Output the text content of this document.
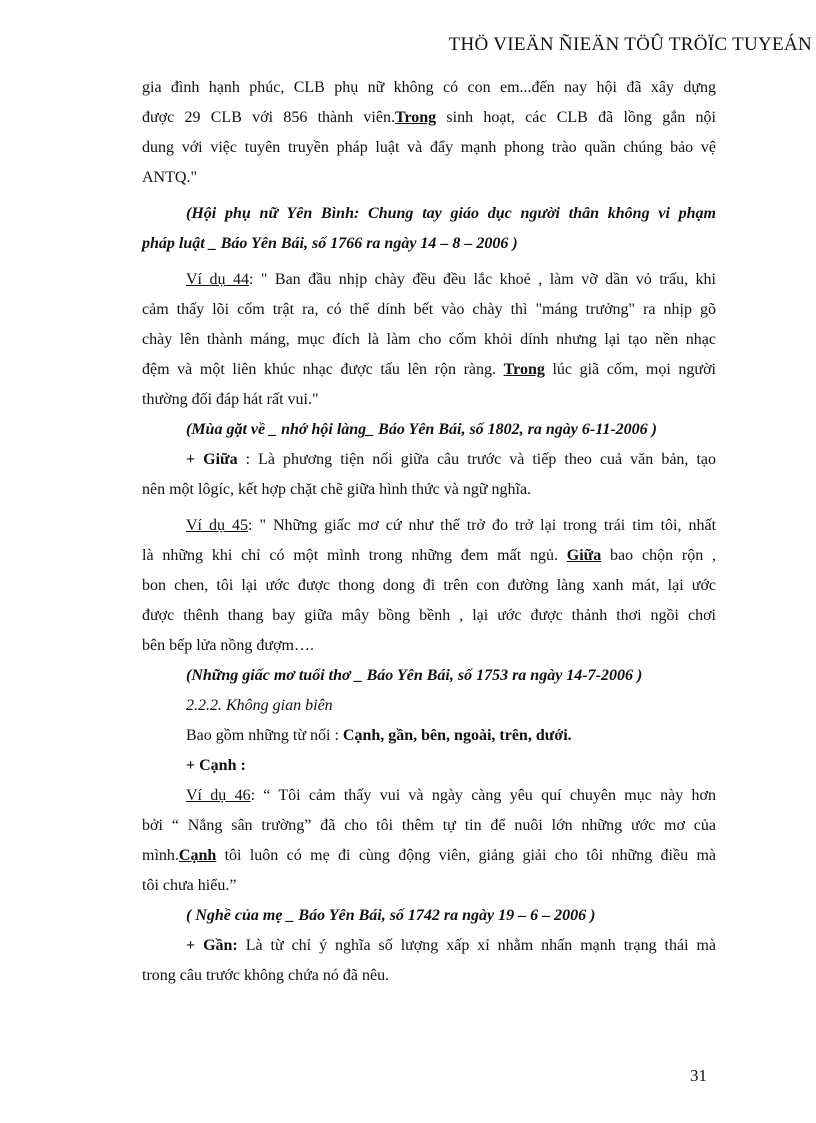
THÖ VIEÄN ÑIEÄN TÖÛ TRÖÏC TUYEÁN

gia đình hạnh phúc, CLB phụ nữ không có con em...đến nay hội đã xây dựng

được 29 CLB với 856 thành viên.Trong sinh hoạt, các CLB đã lồng gắn nội

dung với việc tuyên truyền pháp luật và đẩy mạnh phong trào quần chúng bảo vệ

ANTQ."

(Hội phụ nữ Yên Bình: Chung tay giáo dục người thân không vi phạm

pháp luật _ Báo Yên Bái, số 1766 ra ngày 14 – 8 – 2006 )

Ví dụ 44: " Ban đầu nhịp chày đều đều lắc khoẻ , làm vỡ dần vỏ trấu, khi

cảm thấy lõi cốm trật ra, có thể dính bết vào chày thì "máng trưởng" ra nhịp gõ

chày lên thành máng, mục đích là làm cho cốm khỏi dính nhưng lại tạo nền nhạc

đệm và một liên khúc nhạc được tấu lên rộn ràng. Trong lúc giã cốm, mọi người

thường đối đáp hát rất vui."

(Mùa gặt về _ nhớ hội làng_ Báo Yên Bái, số 1802, ra ngày 6-11-2006 )

+ Giữa : Là phương tiện nối giữa câu trước và tiếp theo cuả văn bản, tạo

nên một lôgíc, kết hợp chặt chẽ giữa hình thức và ngữ nghĩa.

Ví dụ 45: " Những giấc mơ cứ như thế trở đo trở lại trong trái tim tôi, nhất

là những khi chỉ có một mình trong những đem mất ngủ. Giữa bao chộn rộn ,

bon chen, tôi lại ước được thong dong đi trên con đường làng xanh mát, lại ước

được thênh thang bay giữa mây bồng bềnh , lại ước được thảnh thơi ngồi chơi

bên bếp lửa nồng đượm….

(Những giấc mơ tuổi thơ _ Báo Yên Bái, số 1753 ra ngày 14-7-2006 )

2.2.2. Không gian biên

Bao gồm những từ nối : Cạnh, gần, bên, ngoài, trên, dưới.

+ Cạnh :

Ví dụ 46: “ Tôi cảm thấy vui và ngày càng yêu quí chuyên mục này hơn

bởi “ Nắng sân trường” đã cho tôi thêm tự tin để nuôi lớn những ước mơ của

mình.Cạnh tôi luôn có mẹ đi cùng động viên, giảng giải cho tôi những điều mà

tôi chưa hiểu.”

( Nghề của mẹ _ Báo Yên Bái, số 1742 ra ngày 19 – 6 – 2006 )

+ Gần: Là từ chỉ ý nghĩa số lượng xấp xỉ nhằm nhấn mạnh trạng thái mà

trong câu trước không chứa nó đã nêu.

31
